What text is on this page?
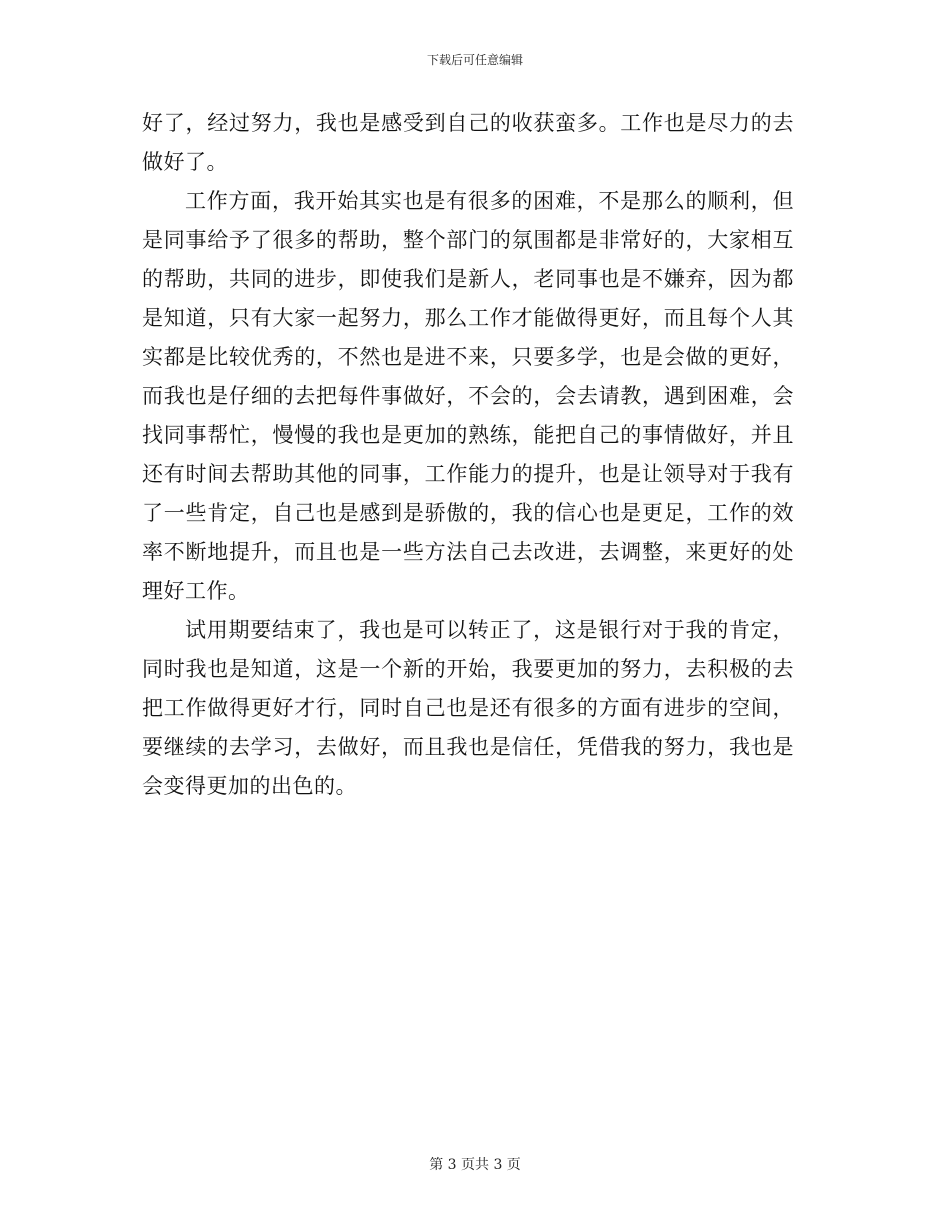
下载后可任意编辑

好了，经过努力，我也是感受到自己的收获蛮多。工作也是尽力的去做好了。

工作方面，我开始其实也是有很多的困难，不是那么的顺利，但是同事给予了很多的帮助，整个部门的氛围都是非常好的，大家相互的帮助，共同的进步，即使我们是新人，老同事也是不嫌弃，因为都是知道，只有大家一起努力，那么工作才能做得更好，而且每个人其实都是比较优秀的，不然也是进不来，只要多学，也是会做的更好，而我也是仔细的去把每件事做好，不会的，会去请教，遇到困难，会找同事帮忙，慢慢的我也是更加的熟练，能把自己的事情做好，并且还有时间去帮助其他的同事，工作能力的提升，也是让领导对于我有了一些肯定，自己也是感到是骄傲的，我的信心也是更足，工作的效率不断地提升，而且也是一些方法自己去改进，去调整，来更好的处理好工作。

试用期要结束了，我也是可以转正了，这是银行对于我的肯定，同时我也是知道，这是一个新的开始，我要更加的努力，去积极的去把工作做得更好才行，同时自己也是还有很多的方面有进步的空间，要继续的去学习，去做好，而且我也是信任，凭借我的努力，我也是会变得更加的出色的。

第 3 页共 3 页
